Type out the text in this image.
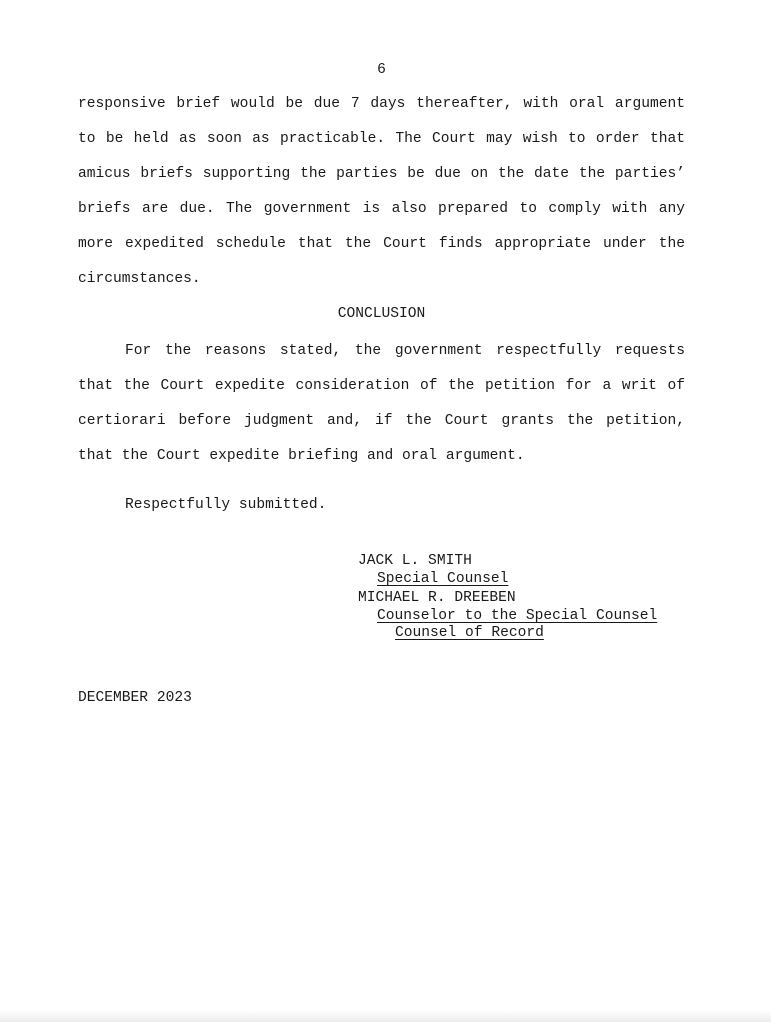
6

responsive brief would be due 7 days thereafter, with oral argument to be held as soon as practicable. The Court may wish to order that amicus briefs supporting the parties be due on the date the parties’ briefs are due. The government is also prepared to comply with any more expedited schedule that the Court finds appropriate under the circumstances.

CONCLUSION

For the reasons stated, the government respectfully requests that the Court expedite consideration of the petition for a writ of certiorari before judgment and, if the Court grants the petition, that the Court expedite briefing and oral argument.

Respectfully submitted.
JACK L. SMITH
Special Counsel
MICHAEL R. DREEBEN
Counselor to the Special Counsel
Counsel of Record
DECEMBER 2023
